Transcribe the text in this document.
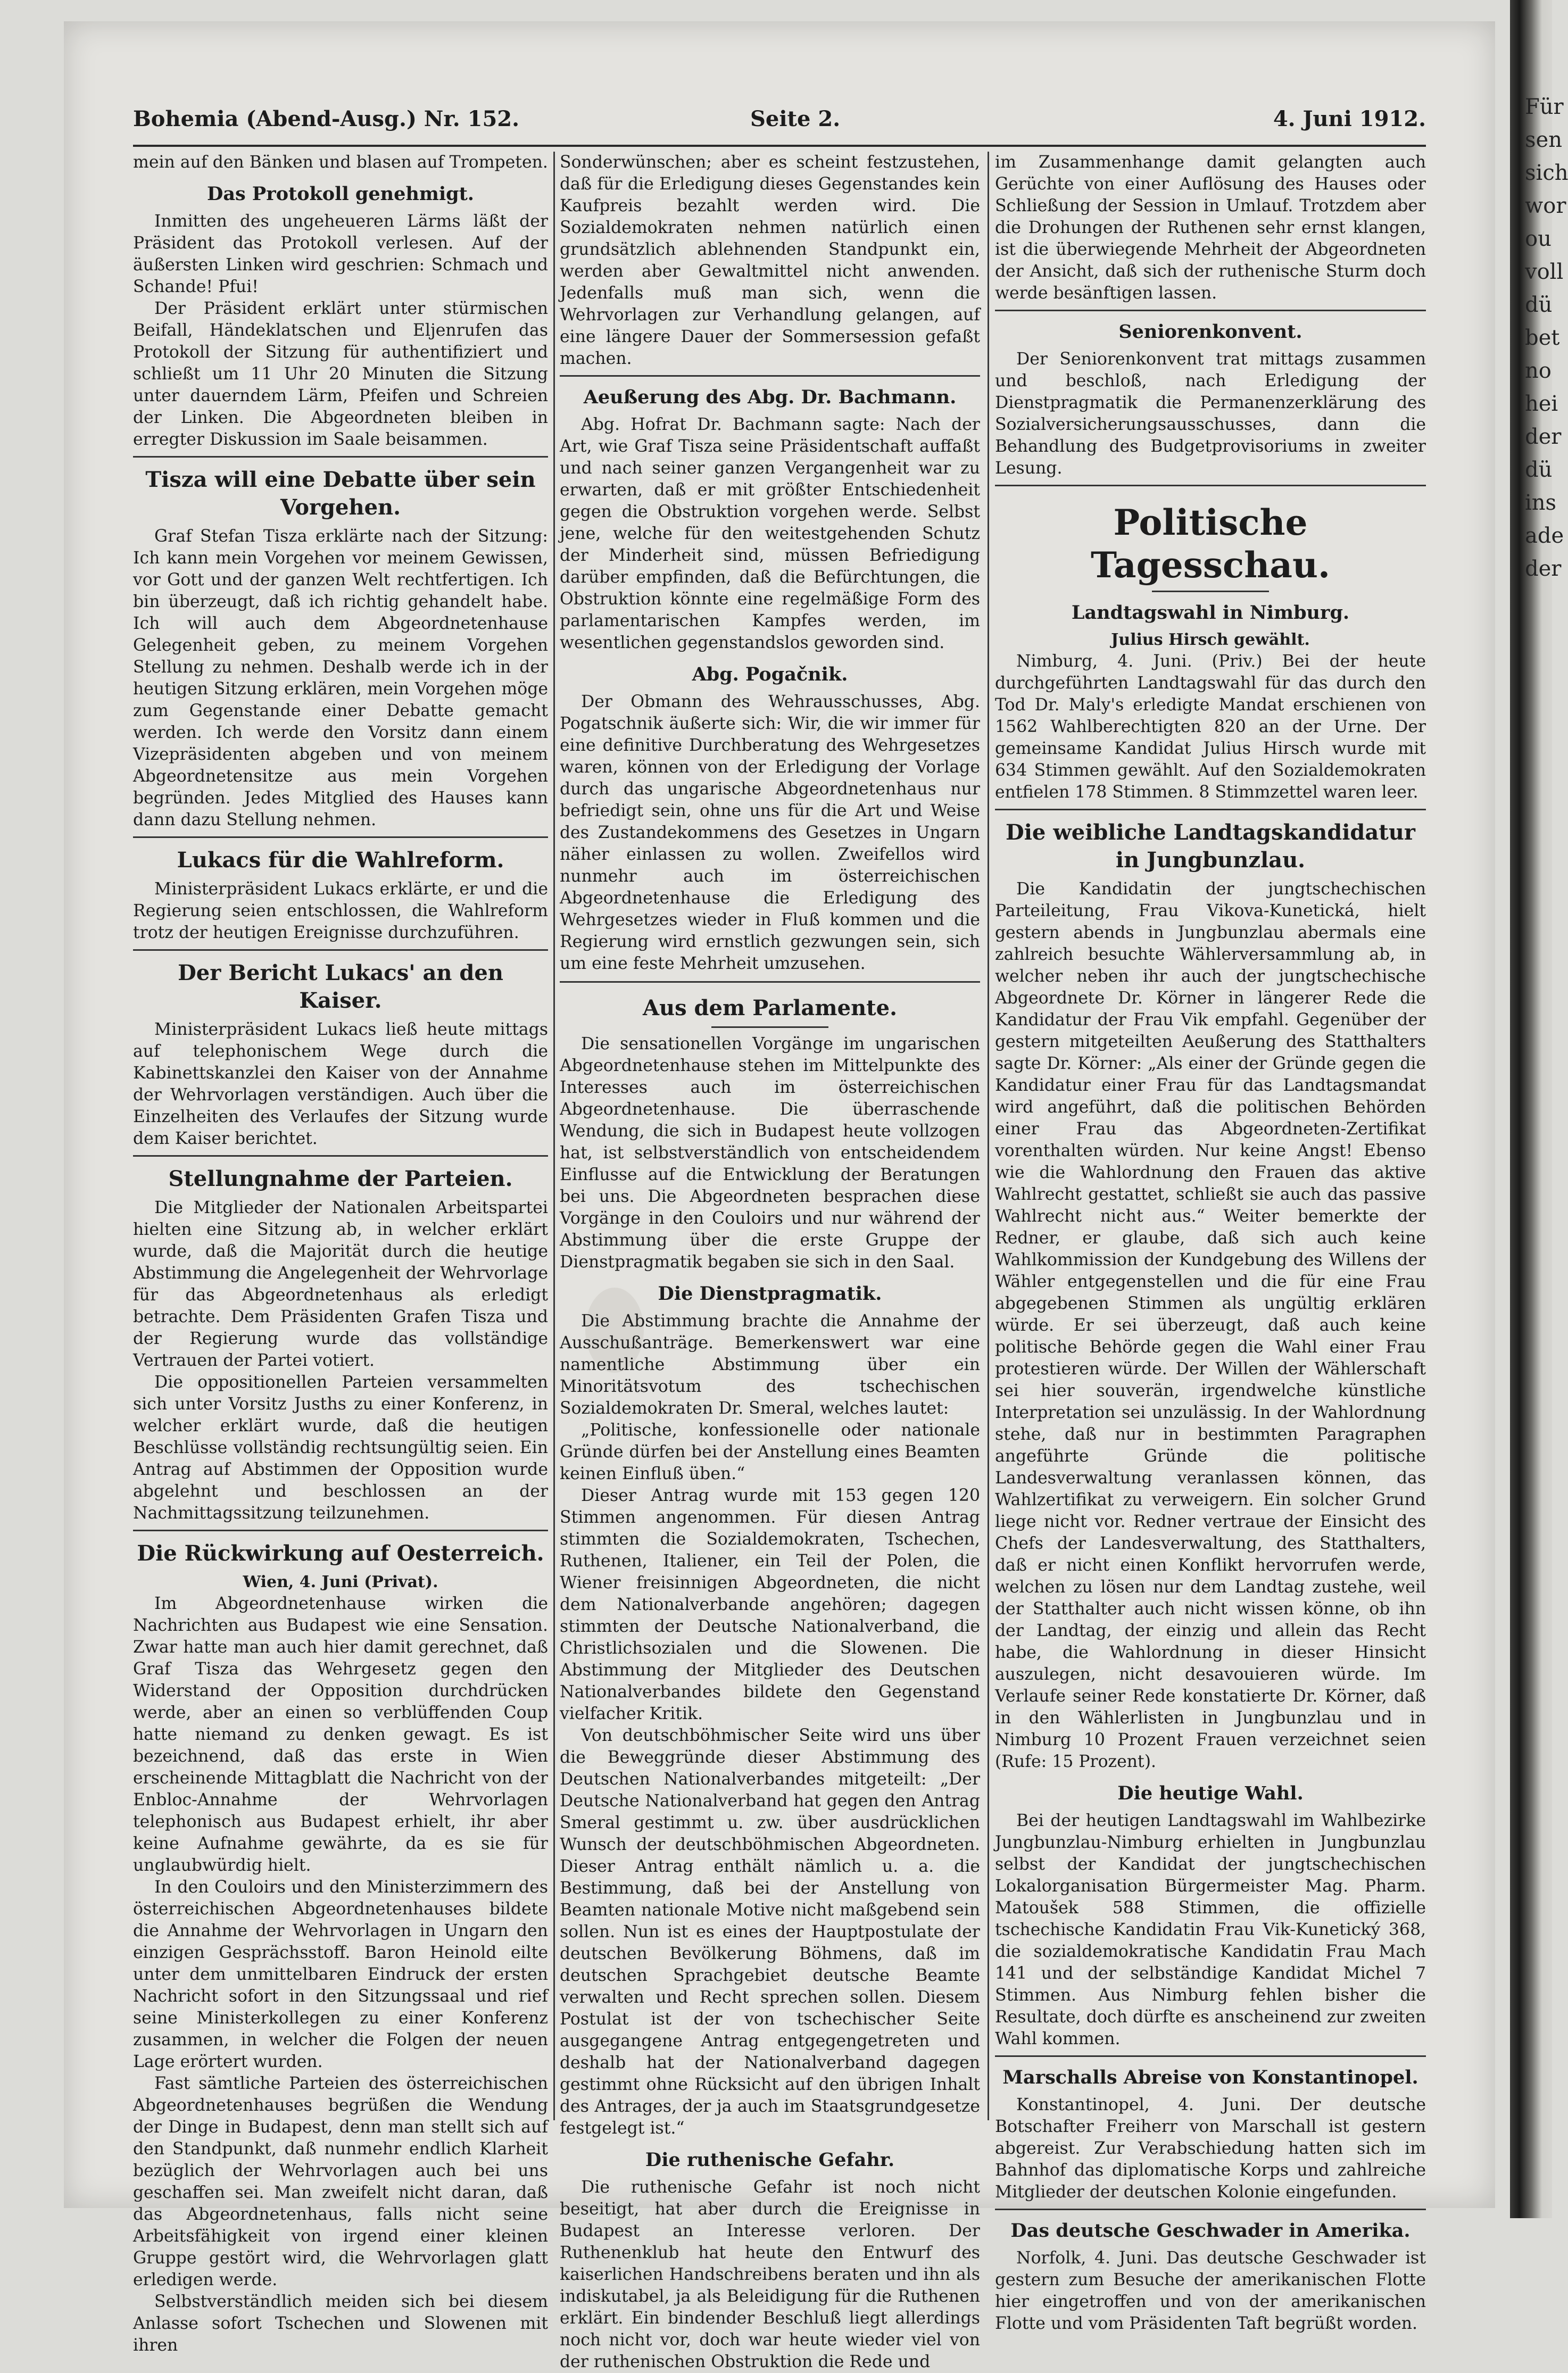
Für sen sich wor ou voll dü bet no hei der dü ins ade der
Bohemia (Abend-Ausg.) Nr. 152.	Seite 2.	4. Juni 1912.

mein auf den Bänken und blasen auf Trompeten.

Das Protokoll genehmigt.

Inmitten des ungeheueren Lärms läßt der Präsident das Protokoll verlesen. Auf der äußersten Linken wird geschrien: Schmach und Schande! Pfui!

Der Präsident erklärt unter stürmischen Beifall, Händeklatschen und Eljenrufen das Protokoll der Sitzung für authentifiziert und schließt um 11 Uhr 20 Minuten die Sitzung unter dauerndem Lärm, Pfeifen und Schreien der Linken. Die Abgeordneten bleiben in erregter Diskussion im Saale beisammen.

Tisza will eine Debatte über sein Vorgehen.

Graf Stefan Tisza erklärte nach der Sitzung: Ich kann mein Vorgehen vor meinem Gewissen, vor Gott und der ganzen Welt rechtfertigen. Ich bin überzeugt, daß ich richtig gehandelt habe. Ich will auch dem Abgeordnetenhause Gelegenheit geben, zu meinem Vorgehen Stellung zu nehmen. Deshalb werde ich in der heutigen Sitzung erklären, mein Vorgehen möge zum Gegenstande einer Debatte gemacht werden. Ich werde den Vorsitz dann einem Vizepräsidenten abgeben und von meinem Abgeordnetensitze aus mein Vorgehen begründen. Jedes Mitglied des Hauses kann dann dazu Stellung nehmen.

Lukacs für die Wahlreform.

Ministerpräsident Lukacs erklärte, er und die Regierung seien entschlossen, die Wahlreform trotz der heutigen Ereignisse durchzuführen.

Der Bericht Lukacs' an den Kaiser.

Ministerpräsident Lukacs ließ heute mittags auf telephonischem Wege durch die Kabinettskanzlei den Kaiser von der Annahme der Wehrvorlagen verständigen. Auch über die Einzelheiten des Verlaufes der Sitzung wurde dem Kaiser berichtet.

Stellungnahme der Parteien.

Die Mitglieder der Nationalen Arbeitspartei hielten eine Sitzung ab, in welcher erklärt wurde, daß die Majorität durch die heutige Abstimmung die Angelegenheit der Wehrvorlage für das Abgeordnetenhaus als erledigt betrachte. Dem Präsidenten Grafen Tisza und der Regierung wurde das vollständige Vertrauen der Partei votiert.

Die oppositionellen Parteien versammelten sich unter Vorsitz Jusths zu einer Konferenz, in welcher erklärt wurde, daß die heutigen Beschlüsse vollständig rechtsungültig seien. Ein Antrag auf Abstimmen der Opposition wurde abgelehnt und beschlossen an der Nachmittagssitzung teilzunehmen.

Die Rückwirkung auf Oesterreich.
Wien, 4. Juni (Privat).

Im Abgeordnetenhause wirken die Nachrichten aus Budapest wie eine Sensation. Zwar hatte man auch hier damit gerechnet, daß Graf Tisza das Wehrgesetz gegen den Widerstand der Opposition durchdrücken werde, aber an einen so verblüffenden Coup hatte niemand zu denken gewagt. Es ist bezeichnend, daß das erste in Wien erscheinende Mittagblatt die Nachricht von der Enbloc-Annahme der Wehrvorlagen telephonisch aus Budapest erhielt, ihr aber keine Aufnahme gewährte, da es sie für unglaubwürdig hielt.

In den Couloirs und den Ministerzimmern des österreichischen Abgeordnetenhauses bildete die Annahme der Wehrvorlagen in Ungarn den einzigen Gesprächsstoff. Baron Heinold eilte unter dem unmittelbaren Eindruck der ersten Nachricht sofort in den Sitzungssaal und rief seine Ministerkollegen zu einer Konferenz zusammen, in welcher die Folgen der neuen Lage erörtert wurden.

Fast sämtliche Parteien des österreichischen Abgeordnetenhauses begrüßen die Wendung der Dinge in Budapest, denn man stellt sich auf den Standpunkt, daß nunmehr endlich Klarheit bezüglich der Wehrvorlagen auch bei uns geschaffen sei. Man zweifelt nicht daran, daß das Abgeordnetenhaus, falls nicht seine Arbeitsfähigkeit von irgend einer kleinen Gruppe gestört wird, die Wehrvorlagen glatt erledigen werde.

Selbstverständlich meiden sich bei diesem Anlasse sofort Tschechen und Slowenen mit ihren

Sonderwünschen; aber es scheint festzustehen, daß für die Erledigung dieses Gegenstandes kein Kaufpreis bezahlt werden wird. Die Sozialdemokraten nehmen natürlich einen grundsätzlich ablehnenden Standpunkt ein, werden aber Gewaltmittel nicht anwenden. Jedenfalls muß man sich, wenn die Wehrvorlagen zur Verhandlung gelangen, auf eine längere Dauer der Sommersession gefaßt machen.

Aeußerung des Abg. Dr. Bachmann.

Abg. Hofrat Dr. Bachmann sagte: Nach der Art, wie Graf Tisza seine Präsidentschaft auffaßt und nach seiner ganzen Vergangenheit war zu erwarten, daß er mit größter Entschiedenheit gegen die Obstruktion vorgehen werde. Selbst jene, welche für den weitestgehenden Schutz der Minderheit sind, müssen Befriedigung darüber empfinden, daß die Befürchtungen, die Obstruktion könnte eine regelmäßige Form des parlamentarischen Kampfes werden, im wesentlichen gegenstandslos geworden sind.

Abg. Pogačnik.

Der Obmann des Wehrausschusses, Abg. Pogatschnik äußerte sich: Wir, die wir immer für eine definitive Durchberatung des Wehrgesetzes waren, können von der Erledigung der Vorlage durch das ungarische Abgeordnetenhaus nur befriedigt sein, ohne uns für die Art und Weise des Zustandekommens des Gesetzes in Ungarn näher einlassen zu wollen. Zweifellos wird nunmehr auch im österreichischen Abgeordnetenhause die Erledigung des Wehrgesetzes wieder in Fluß kommen und die Regierung wird ernstlich gezwungen sein, sich um eine feste Mehrheit umzusehen.

Aus dem Parlamente.

Die sensationellen Vorgänge im ungarischen Abgeordnetenhause stehen im Mittelpunkte des Interesses auch im österreichischen Abgeordnetenhause. Die überraschende Wendung, die sich in Budapest heute vollzogen hat, ist selbstverständlich von entscheidendem Einflusse auf die Entwicklung der Beratungen bei uns. Die Abgeordneten besprachen diese Vorgänge in den Couloirs und nur während der Abstimmung über die erste Gruppe der Dienstpragmatik begaben sie sich in den Saal.

Die Dienstpragmatik.

Die Abstimmung brachte die Annahme der Ausschußanträge. Bemerkenswert war eine namentliche Abstimmung über ein Minoritätsvotum des tschechischen Sozialdemokraten Dr. Smeral, welches lautet:

„Politische, konfessionelle oder nationale Gründe dürfen bei der Anstellung eines Beamten keinen Einfluß üben.“

Dieser Antrag wurde mit 153 gegen 120 Stimmen angenommen. Für diesen Antrag stimmten die Sozialdemokraten, Tschechen, Ruthenen, Italiener, ein Teil der Polen, die Wiener freisinnigen Abgeordneten, die nicht dem Nationalverbande angehören; dagegen stimmten der Deutsche Nationalverband, die Christlichsozialen und die Slowenen. Die Abstimmung der Mitglieder des Deutschen Nationalverbandes bildete den Gegenstand vielfacher Kritik.

Von deutschböhmischer Seite wird uns über die Beweggründe dieser Abstimmung des Deutschen Nationalverbandes mitgeteilt: „Der Deutsche Nationalverband hat gegen den Antrag Smeral gestimmt u. zw. über ausdrücklichen Wunsch der deutschböhmischen Abgeordneten. Dieser Antrag enthält nämlich u. a. die Bestimmung, daß bei der Anstellung von Beamten nationale Motive nicht maßgebend sein sollen. Nun ist es eines der Hauptpostulate der deutschen Bevölkerung Böhmens, daß im deutschen Sprachgebiet deutsche Beamte verwalten und Recht sprechen sollen. Diesem Postulat ist der von tschechischer Seite ausgegangene Antrag entgegengetreten und deshalb hat der Nationalverband dagegen gestimmt ohne Rücksicht auf den übrigen Inhalt des Antrages, der ja auch im Staatsgrundgesetze festgelegt ist.“

Die ruthenische Gefahr.

Die ruthenische Gefahr ist noch nicht beseitigt, hat aber durch die Ereignisse in Budapest an Interesse verloren. Der Ruthenenklub hat heute den Entwurf des kaiserlichen Handschreibens beraten und ihn als indiskutabel, ja als Beleidigung für die Ruthenen erklärt. Ein bindender Beschluß liegt allerdings noch nicht vor, doch war heute wieder viel von der ruthenischen Obstruktion die Rede und

im Zusammenhange damit gelangten auch Gerüchte von einer Auflösung des Hauses oder Schließung der Session in Umlauf. Trotzdem aber die Drohungen der Ruthenen sehr ernst klangen, ist die überwiegende Mehrheit der Abgeordneten der Ansicht, daß sich der ruthenische Sturm doch werde besänftigen lassen.

Seniorenkonvent.

Der Seniorenkonvent trat mittags zusammen und beschloß, nach Erledigung der Dienstpragmatik die Permanenzerklärung des Sozialversicherungsausschusses, dann die Behandlung des Budgetprovisoriums in zweiter Lesung.

Politische Tagesschau.
Landtagswahl in Nimburg.
Julius Hirsch gewählt.

Nimburg, 4. Juni. (Priv.) Bei der heute durchgeführten Landtagswahl für das durch den Tod Dr. Maly's erledigte Mandat erschienen von 1562 Wahlberechtigten 820 an der Urne. Der gemeinsame Kandidat Julius Hirsch wurde mit 634 Stimmen gewählt. Auf den Sozialdemokraten entfielen 178 Stimmen. 8 Stimmzettel waren leer.

Die weibliche Landtagskandidatur in Jungbunzlau.

Die Kandidatin der jungtschechischen Parteileitung, Frau Vikova-Kunetická, hielt gestern abends in Jungbunzlau abermals eine zahlreich besuchte Wählerversammlung ab, in welcher neben ihr auch der jungtschechische Abgeordnete Dr. Körner in längerer Rede die Kandidatur der Frau Vik empfahl. Gegenüber der gestern mitgeteilten Aeußerung des Statthalters sagte Dr. Körner: „Als einer der Gründe gegen die Kandidatur einer Frau für das Landtagsmandat wird angeführt, daß die politischen Behörden einer Frau das Abgeordneten-Zertifikat vorenthalten würden. Nur keine Angst! Ebenso wie die Wahlordnung den Frauen das aktive Wahlrecht gestattet, schließt sie auch das passive Wahlrecht nicht aus.“ Weiter bemerkte der Redner, er glaube, daß sich auch keine Wahlkommission der Kundgebung des Willens der Wähler entgegenstellen und die für eine Frau abgegebenen Stimmen als ungültig erklären würde. Er sei überzeugt, daß auch keine politische Behörde gegen die Wahl einer Frau protestieren würde. Der Willen der Wählerschaft sei hier souverän, irgendwelche künstliche Interpretation sei unzulässig. In der Wahlordnung stehe, daß nur in bestimmten Paragraphen angeführte Gründe die politische Landesverwaltung veranlassen können, das Wahlzertifikat zu verweigern. Ein solcher Grund liege nicht vor. Redner vertraue der Einsicht des Chefs der Landesverwaltung, des Statthalters, daß er nicht einen Konflikt hervorrufen werde, welchen zu lösen nur dem Landtag zustehe, weil der Statthalter auch nicht wissen könne, ob ihn der Landtag, der einzig und allein das Recht habe, die Wahlordnung in dieser Hinsicht auszulegen, nicht desavouieren würde. Im Verlaufe seiner Rede konstatierte Dr. Körner, daß in den Wählerlisten in Jungbunzlau und in Nimburg 10 Prozent Frauen verzeichnet seien (Rufe: 15 Prozent).

Die heutige Wahl.

Bei der heutigen Landtagswahl im Wahlbezirke Jungbunzlau-Nimburg erhielten in Jungbunzlau selbst der Kandidat der jungtschechischen Lokalorganisation Bürgermeister Mag. Pharm. Matoušek 588 Stimmen, die offizielle tschechische Kandidatin Frau Vik-Kunetický 368, die sozialdemokratische Kandidatin Frau Mach 141 und der selbständige Kandidat Michel 7 Stimmen. Aus Nimburg fehlen bisher die Resultate, doch dürfte es anscheinend zur zweiten Wahl kommen.

Marschalls Abreise von Konstantinopel.

Konstantinopel, 4. Juni. Der deutsche Botschafter Freiherr von Marschall ist gestern abgereist. Zur Verabschiedung hatten sich im Bahnhof das diplomatische Korps und zahlreiche Mitglieder der deutschen Kolonie eingefunden.

Das deutsche Geschwader in Amerika.

Norfolk, 4. Juni. Das deutsche Geschwader ist gestern zum Besuche der amerikanischen Flotte hier eingetroffen und von der amerikanischen Flotte und vom Präsidenten Taft begrüßt worden.
